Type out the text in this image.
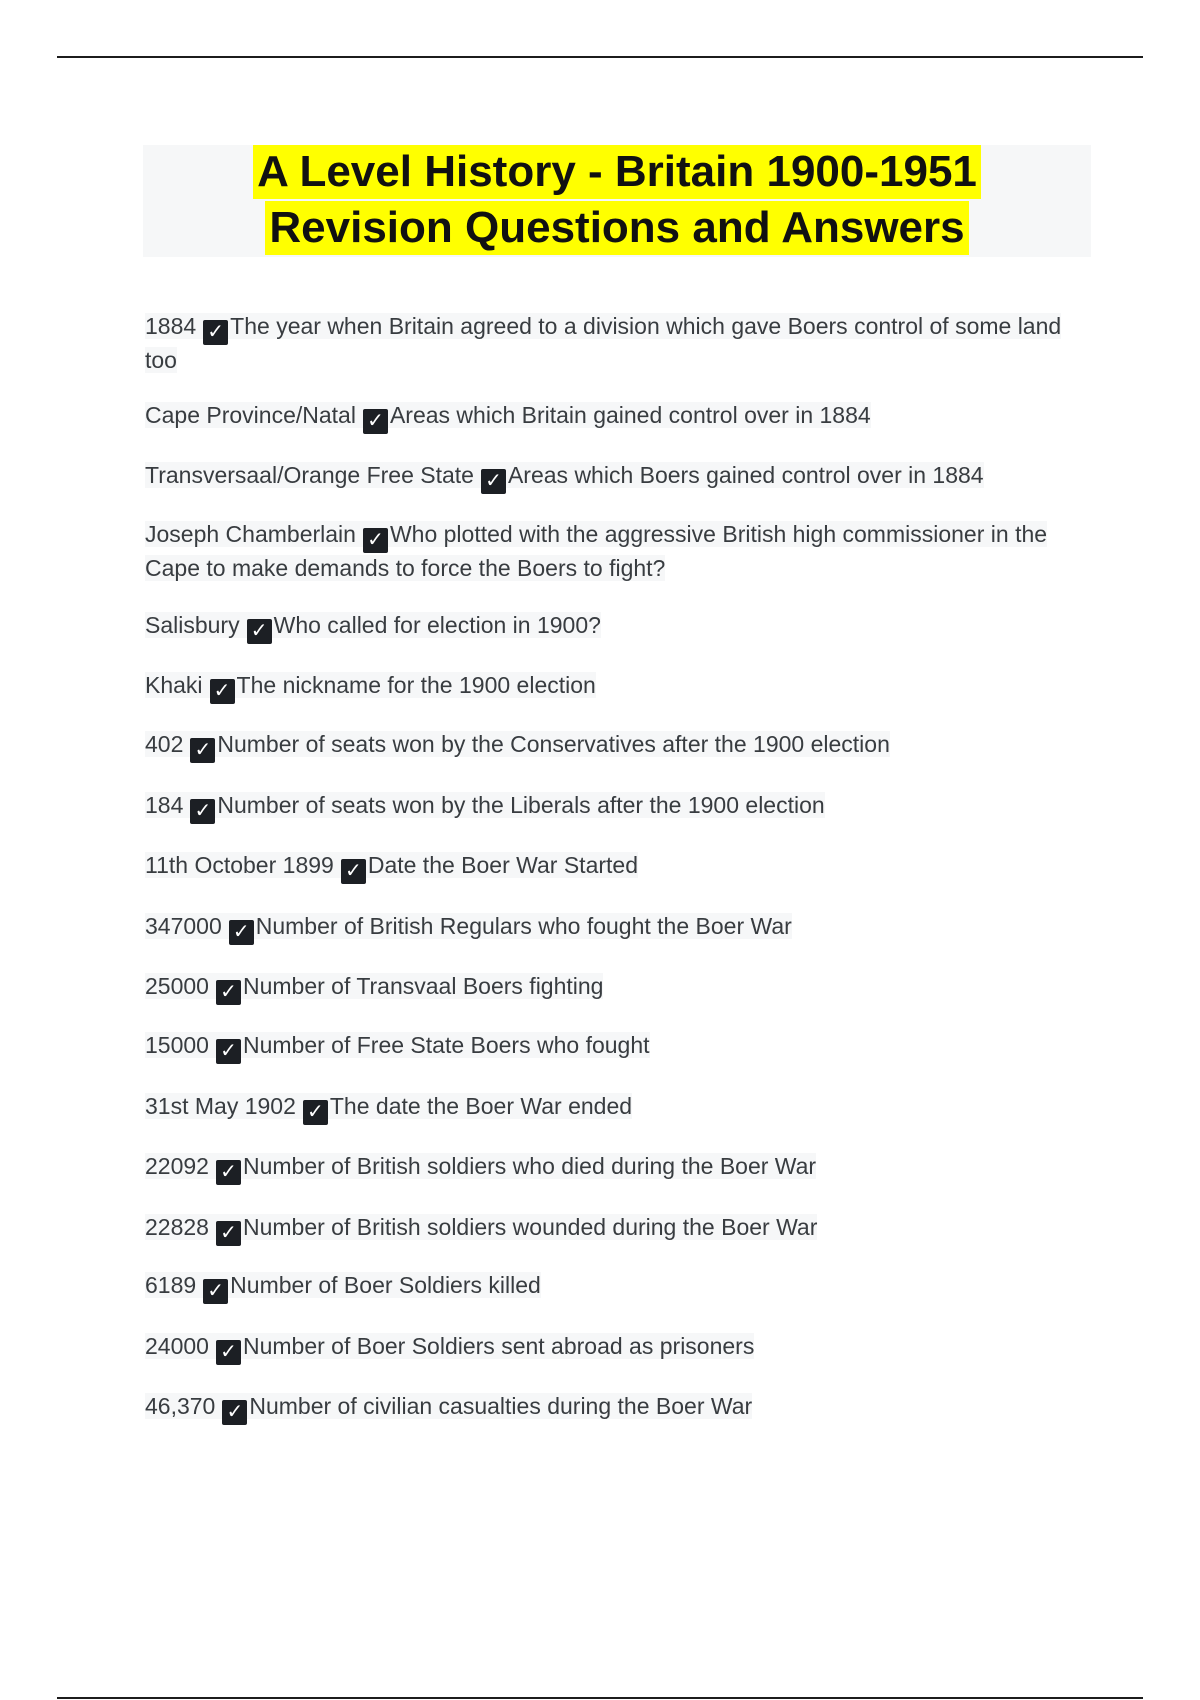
A Level History - Britain 1900-1951
Revision Questions and Answers
1884 ✓ The year when Britain agreed to a division which gave Boers control of some land too
Cape Province/Natal ✓ Areas which Britain gained control over in 1884
Transversaal/Orange Free State ✓ Areas which Boers gained control over in 1884
Joseph Chamberlain ✓ Who plotted with the aggressive British high commissioner in the Cape to make demands to force the Boers to fight?
Salisbury ✓ Who called for election in 1900?
Khaki ✓ The nickname for the 1900 election
402 ✓ Number of seats won by the Conservatives after the 1900 election
184 ✓ Number of seats won by the Liberals after the 1900 election
11th October 1899 ✓ Date the Boer War Started
347000 ✓ Number of British Regulars who fought the Boer War
25000 ✓ Number of Transvaal Boers fighting
15000 ✓ Number of Free State Boers who fought
31st May 1902 ✓ The date the Boer War ended
22092 ✓ Number of British soldiers who died during the Boer War
22828 ✓ Number of British soldiers wounded during the Boer War
6189 ✓ Number of Boer Soldiers killed
24000 ✓ Number of Boer Soldiers sent abroad as prisoners
46,370 ✓ Number of civilian casualties during the Boer War
